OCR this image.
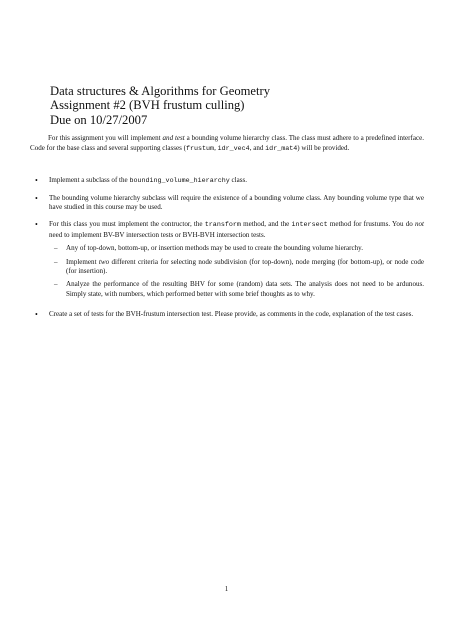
Data structures & Algorithms for Geometry
Assignment #2 (BVH frustum culling)
Due on 10/27/2007

For this assignment you will implement and test a bounding volume hierarchy class. The class must adhere to a predefined interface. Code for the base class and several supporting classes (frustum, idr_vec4, and idr_mat4) will be provided.

• Implement a subclass of the bounding_volume_hierarchy class.
• The bounding volume hierarchy subclass will require the existence of a bounding volume class. Any bounding volume type that we have studied in this course may be used.
• For this class you must implement the contructor, the transform method, and the intersect method for frustums. You do not need to implement BV-BV intersection tests or BVH-BVH intersection tests.
– Any of top-down, bottom-up, or insertion methods may be used to create the bounding volume hierarchy.
– Implement two different criteria for selecting node subdivision (for top-down), node merging (for bottom-up), or node code (for insertion).
– Analyze the performance of the resulting BHV for some (random) data sets. The analysis does not need to be ardunous. Simply state, with numbers, which performed better with some brief thoughts as to why.
• Create a set of tests for the BVH-frustum intersection test. Please provide, as comments in the code, explanation of the test cases.
1
